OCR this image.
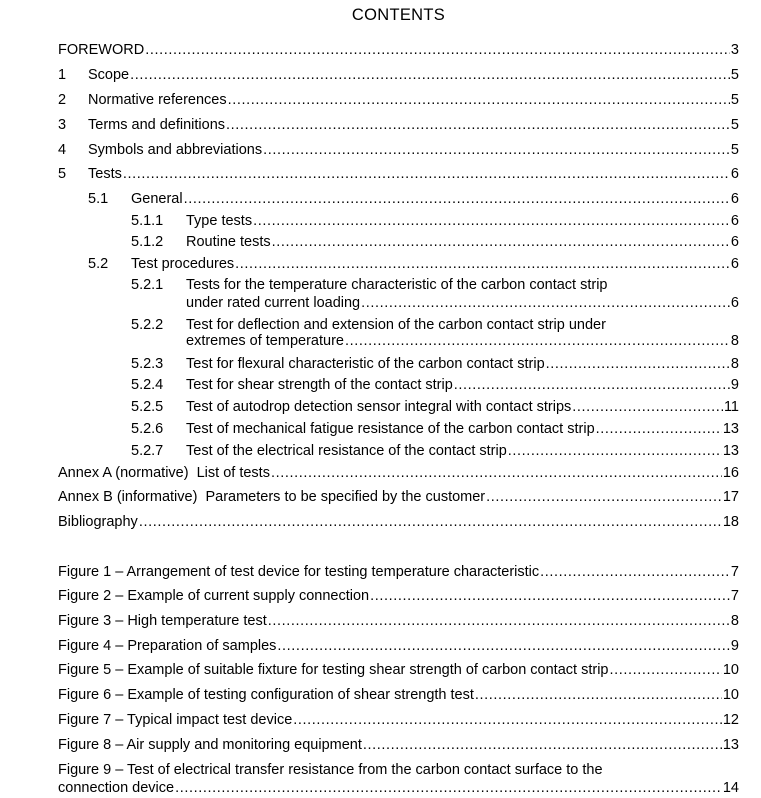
CONTENTS
FOREWORD .....	3
1	Scope .....	5
2	Normative references .....	5
3	Terms and definitions .....	5
4	Symbols and abbreviations .....	5
5	Tests .....	6
5.1	General .....	6
5.1.1	Type tests .....	6
5.1.2	Routine tests .....	6
5.2	Test procedures .....	6
5.2.1 Tests for the temperature characteristic of the carbon contact strip
under rated current loading .....	6
5.2.2 Test for deflection and extension of the carbon contact strip under
extremes of temperature .....	8
5.2.3	Test for flexural characteristic of the carbon contact strip .....	8
5.2.4	Test for shear strength of the contact strip .....	9
5.2.5	Test of autodrop detection sensor integral with contact strips .....	11
5.2.6	Test of mechanical fatigue resistance of the carbon contact strip .....	13
5.2.7	Test of the electrical resistance of the contact strip .....	13
Annex A (normative)  List of tests .....	16
Annex B (informative)  Parameters to be specified by the customer .....	17
Bibliography .....	18
Figure 1 – Arrangement of test device for testing temperature characteristic .....	7
Figure 2 – Example of current supply connection .....	7
Figure 3 – High temperature test .....	8
Figure 4 – Preparation of samples .....	9
Figure 5 – Example of suitable fixture for testing shear strength of carbon contact strip .....	10
Figure 6 – Example of testing configuration of shear strength test .....	10
Figure 7 – Typical impact test device .....	12
Figure 8 – Air supply and monitoring equipment .....	13
Figure 9 – Test of electrical transfer resistance from the carbon contact surface to the
connection device .....	14
